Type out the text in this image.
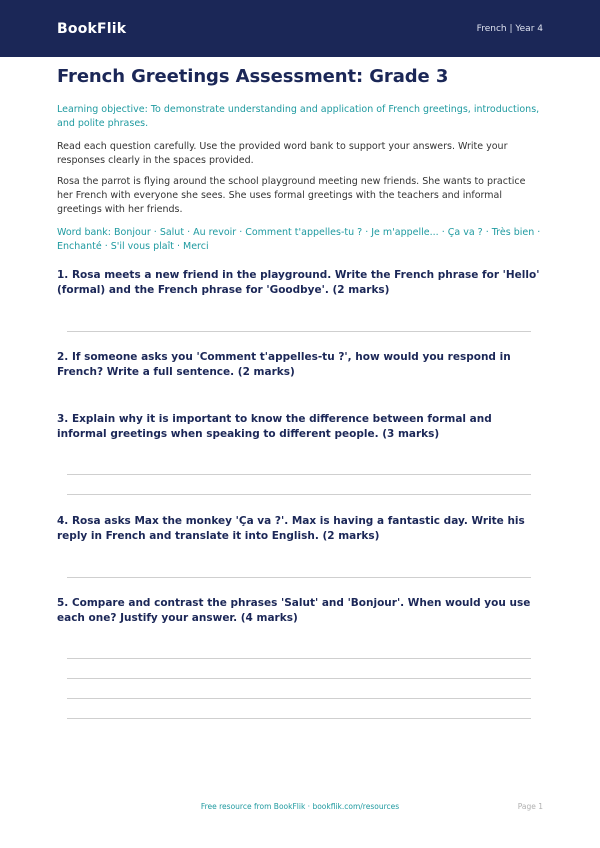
BookFlik	French | Year 4
French Greetings Assessment: Grade 3
Learning objective: To demonstrate understanding and application of French greetings, introductions, and polite phrases.
Read each question carefully. Use the provided word bank to support your answers. Write your responses clearly in the spaces provided.
Rosa the parrot is flying around the school playground meeting new friends. She wants to practice her French with everyone she sees. She uses formal greetings with the teachers and informal greetings with her friends.
Word bank: Bonjour · Salut · Au revoir · Comment t'appelles-tu ? · Je m'appelle... · Ça va ? · Très bien · Enchanté · S'il vous plaît · Merci
1. Rosa meets a new friend in the playground. Write the French phrase for 'Hello' (formal) and the French phrase for 'Goodbye'. (2 marks)
2. If someone asks you 'Comment t'appelles-tu ?', how would you respond in French? Write a full sentence. (2 marks)
3. Explain why it is important to know the difference between formal and informal greetings when speaking to different people. (3 marks)
4. Rosa asks Max the monkey 'Ça va ?'. Max is having a fantastic day. Write his reply in French and translate it into English. (2 marks)
5. Compare and contrast the phrases 'Salut' and 'Bonjour'. When would you use each one? Justify your answer. (4 marks)
Free resource from BookFlik · bookflik.com/resources	Page 1
